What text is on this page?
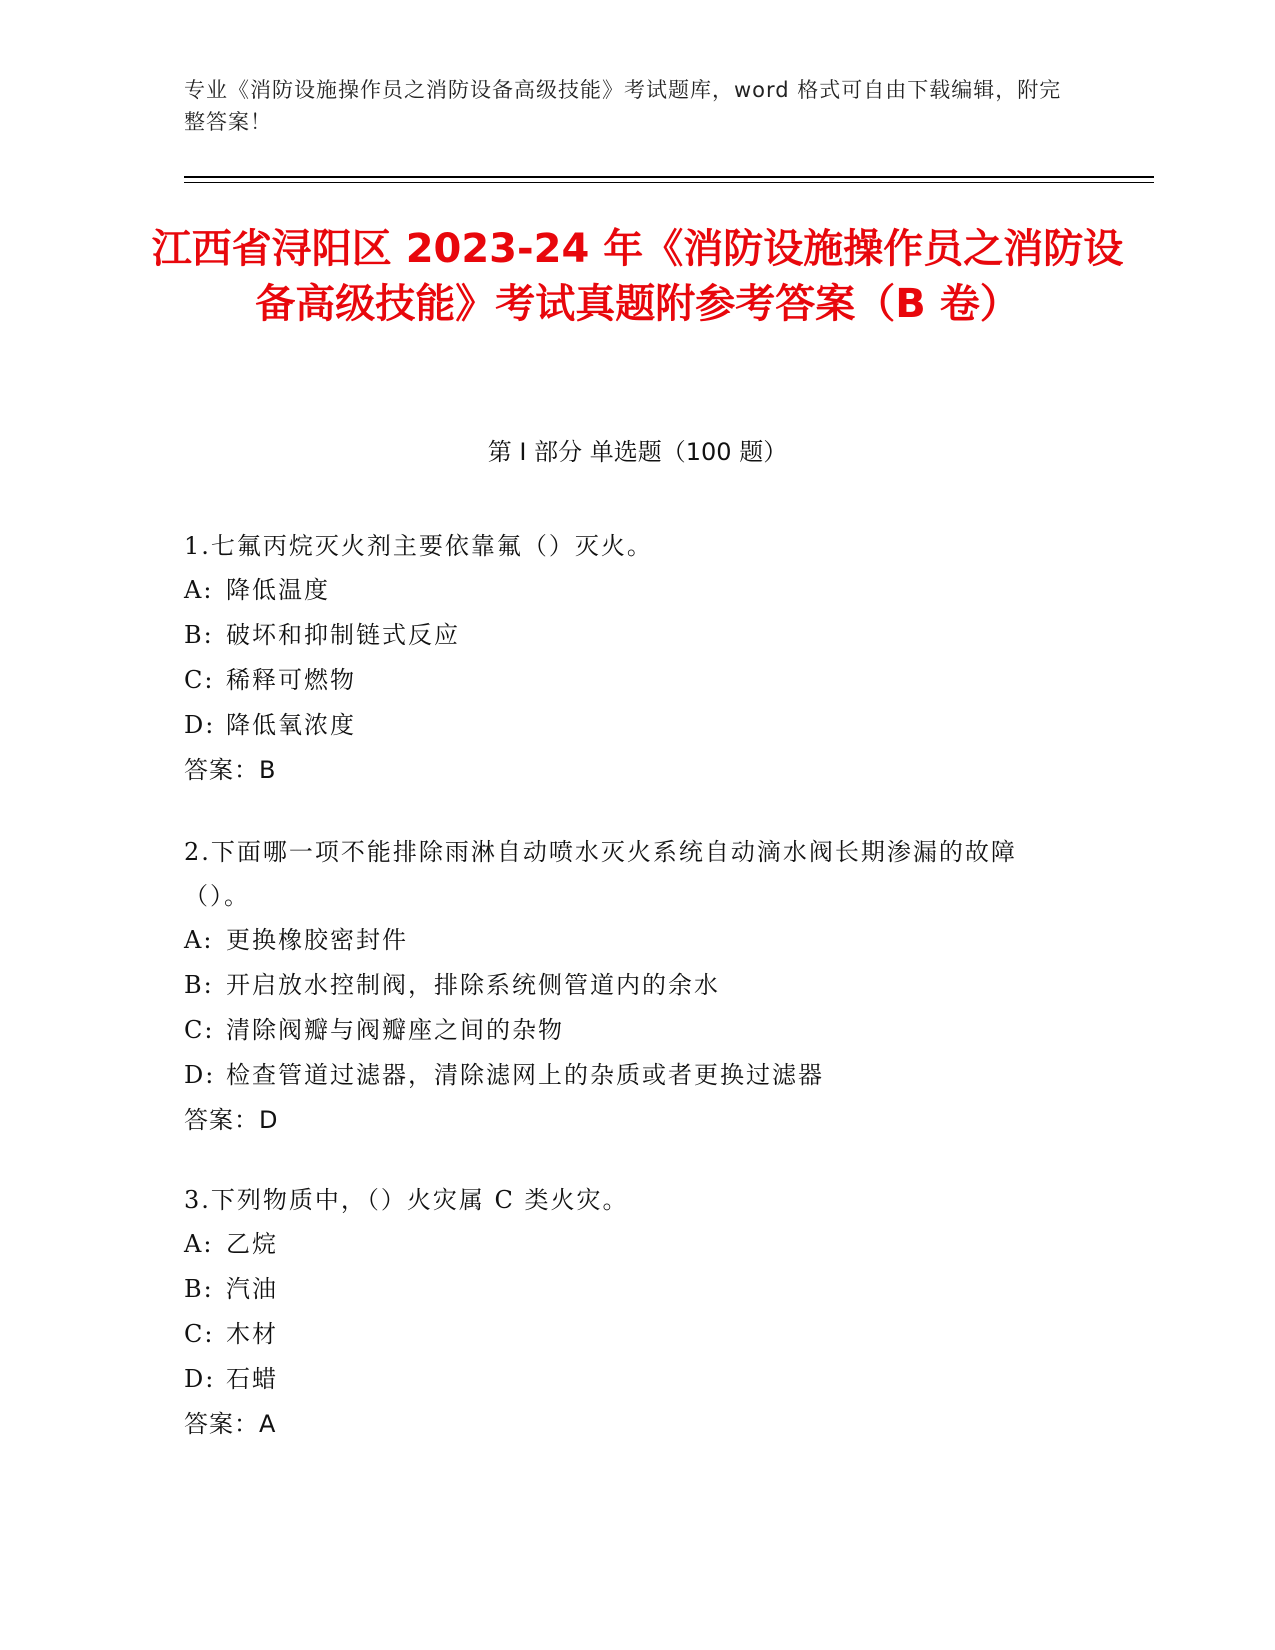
专业《消防设施操作员之消防设备高级技能》考试题库，word 格式可自由下载编辑，附完整答案！
江西省浔阳区 2023-24 年《消防设施操作员之消防设备高级技能》考试真题附参考答案（B 卷）
第 I 部分 单选题（100 题）
1.七氟丙烷灭火剂主要依靠氟（）灭火。
A: 降低温度
B: 破坏和抑制链式反应
C: 稀释可燃物
D: 降低氧浓度
答案：B
2.下面哪一项不能排除雨淋自动喷水灭火系统自动滴水阀长期渗漏的故障（）。
A: 更换橡胶密封件
B: 开启放水控制阀，排除系统侧管道内的余水
C: 清除阀瓣与阀瓣座之间的杂物
D: 检查管道过滤器，清除滤网上的杂质或者更换过滤器
答案：D
3.下列物质中，（）火灾属 C 类火灾。
A: 乙烷
B: 汽油
C: 木材
D: 石蜡
答案：A
